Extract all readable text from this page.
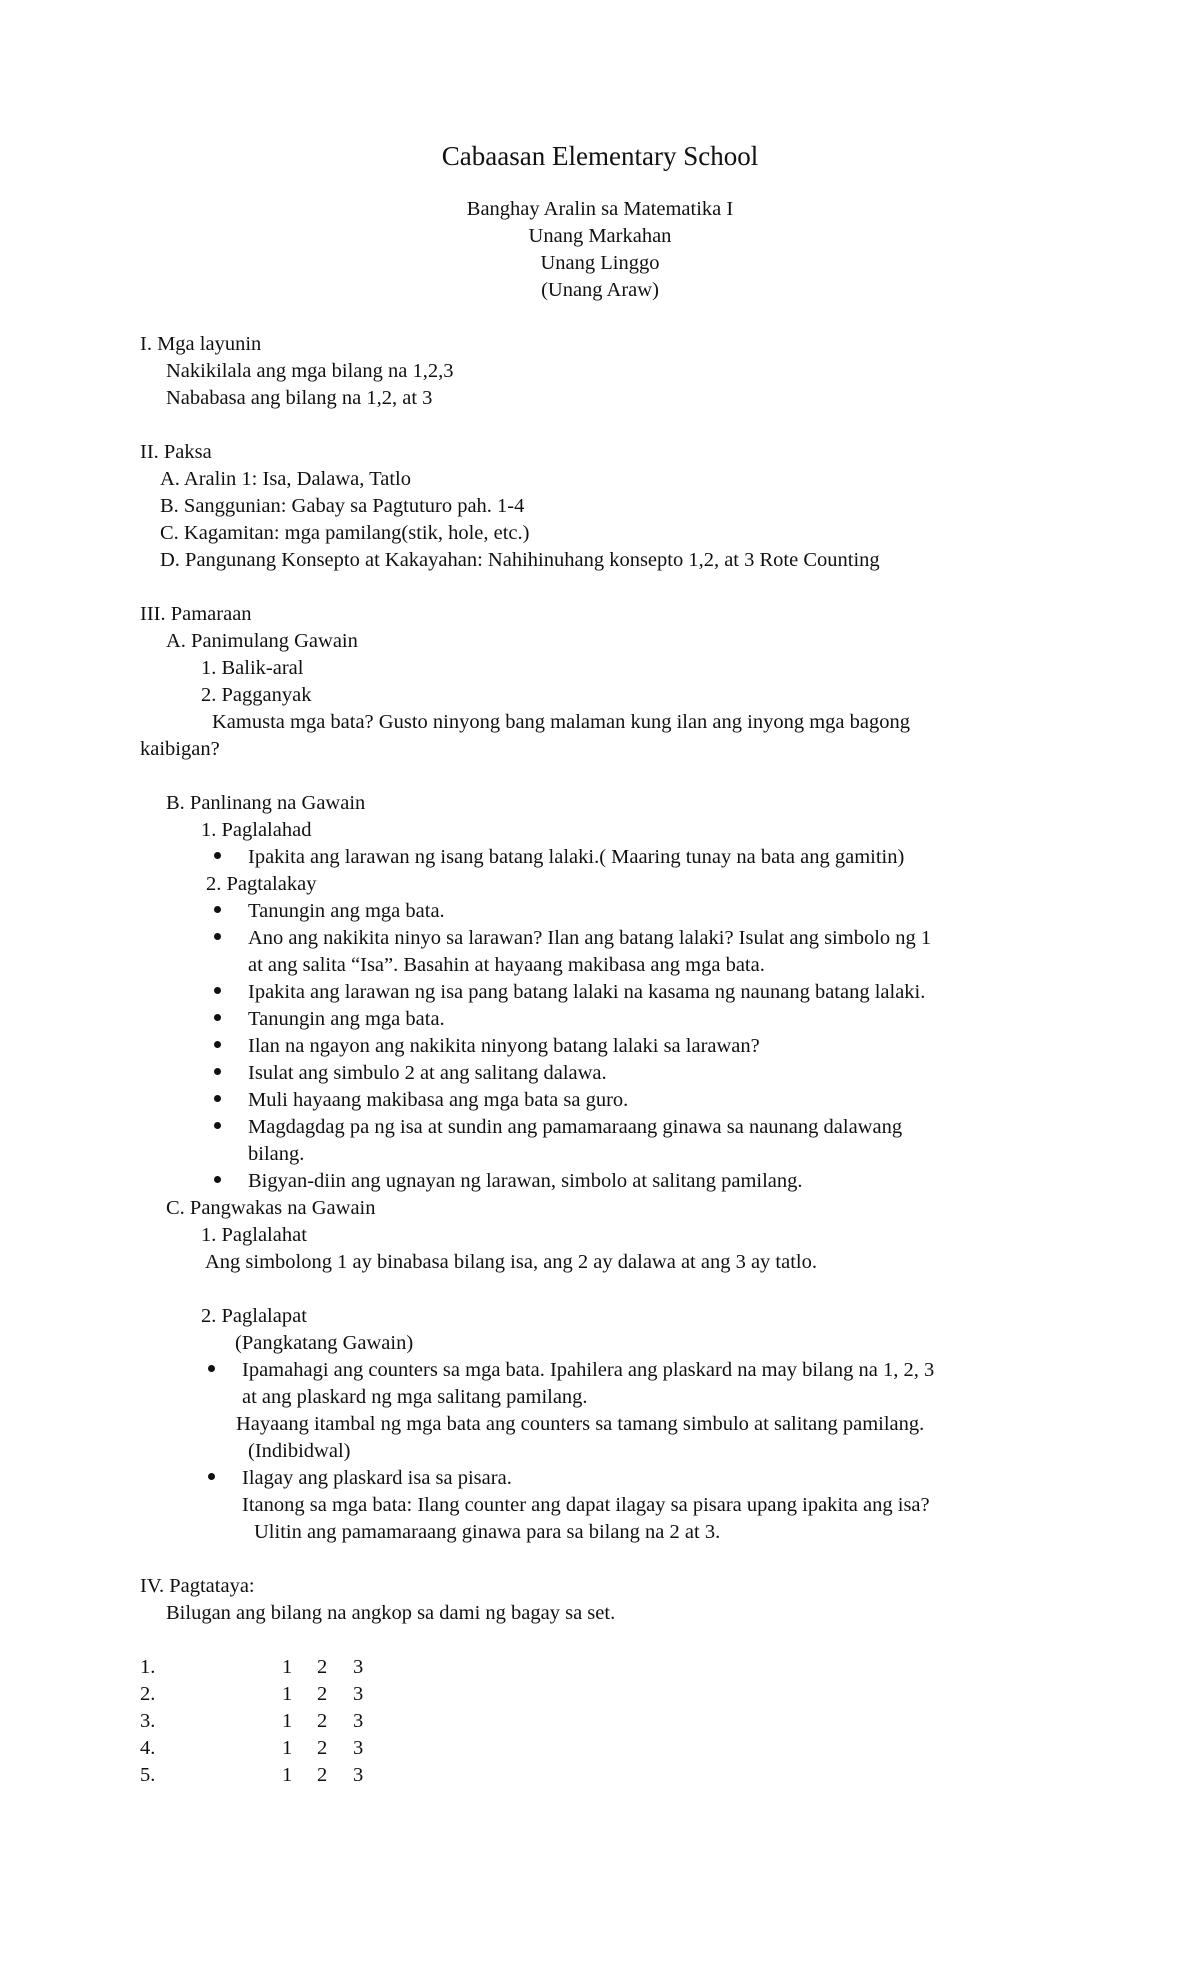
Cabaasan Elementary School
Banghay Aralin sa Matematika I
Unang Markahan
Unang Linggo
(Unang Araw)
I. Mga layunin
Nakikilala ang mga bilang na 1,2,3
Nababasa ang bilang na 1,2, at 3
II. Paksa
A. Aralin 1: Isa, Dalawa, Tatlo
B. Sanggunian: Gabay sa Pagtuturo pah. 1-4
C. Kagamitan: mga pamilang(stik, hole, etc.)
D. Pangunang Konsepto at Kakayahan: Nahihinuhang konsepto 1,2, at 3 Rote Counting
III. Pamaraan
A. Panimulang Gawain
1. Balik-aral
2. Pagganyak
Kamusta mga bata? Gusto ninyong bang malaman kung ilan ang inyong mga bagong
kaibigan?
B. Panlinang na Gawain
1. Paglalahad
Ipakita ang larawan ng isang batang lalaki.( Maaring tunay na bata ang gamitin)
2. Pagtalakay
Tanungin ang mga bata.
Ano ang nakikita ninyo sa larawan? Ilan ang batang lalaki? Isulat ang simbolo ng 1
at ang salita “Isa”. Basahin at hayaang makibasa ang mga bata.
Ipakita ang larawan ng isa pang batang lalaki na kasama ng naunang batang lalaki.
Tanungin ang mga bata.
Ilan na ngayon ang nakikita ninyong batang lalaki sa larawan?
Isulat ang simbulo 2 at ang salitang dalawa.
Muli hayaang makibasa ang mga bata sa guro.
Magdagdag pa ng isa at sundin ang pamamaraang ginawa sa naunang dalawang
bilang.
Bigyan-diin ang ugnayan ng larawan, simbolo at salitang pamilang.
C. Pangwakas na Gawain
1. Paglalahat
Ang simbolong 1 ay binabasa bilang isa, ang 2 ay dalawa at ang 3 ay tatlo.
2. Paglalapat
(Pangkatang Gawain)
Ipamahagi ang counters sa mga bata. Ipahilera ang plaskard na may bilang na 1, 2, 3
at ang plaskard ng mga salitang pamilang.
Hayaang itambal ng mga bata ang counters sa tamang simbulo at salitang pamilang.
(Indibidwal)
Ilagay ang plaskard isa sa pisara.
Itanong sa mga bata: Ilang counter ang dapat ilagay sa pisara upang ipakita ang isa?
Ulitin ang pamamaraang ginawa para sa bilang na 2 at 3.
IV. Pagtataya:
Bilugan ang bilang na angkop sa dami ng bagay sa set.
1.	1 2 3
2.	1 2 3
3.	1 2 3
4.	1 2 3
5.	1 2 3
